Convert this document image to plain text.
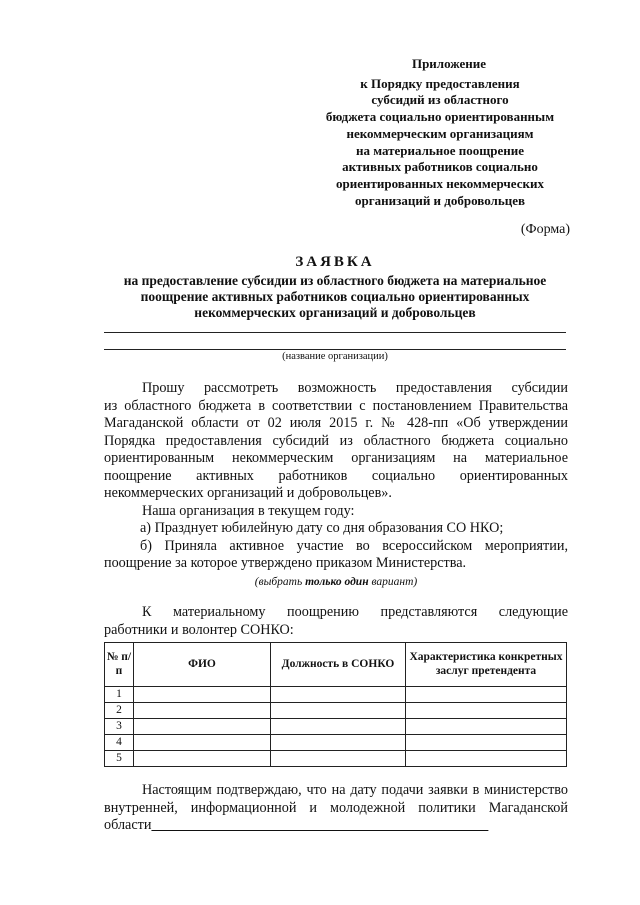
Приложение
к Порядку предоставления
субсидий из областного
бюджета социально ориентированным
некоммерческим организациям
на материальное поощрение
активных работников социально
ориентированных некоммерческих
организаций и добровольцев
(Форма)
ЗАЯВКА
на предоставление субсидии из областного бюджета на материальное
поощрение активных работников социально ориентированных
некоммерческих организаций и добровольцев
(название организации)
Прошу рассмотреть возможность предоставления субсидии
из областного бюджета в соответствии с постановлением Правительства
Магаданской области от 02 июля 2015 г. № 428-пп «Об утверждении
Порядка предоставления субсидий из областного бюджета социально
ориентированным некоммерческим организациям на материальное
поощрение активных работников социально ориентированных
некоммерческих организаций и добровольцев».
Наша организация в текущем году:
а) Празднует юбилейную дату со дня образования СО НКО;
б) Приняла активное участие во всероссийском мероприятии,
поощрение за которое утверждено приказом Министерства.
(выбрать только один вариант)
К материальному поощрению представляются следующие
работники и волонтер СОНКО:
№ п/п	ФИО	Должность в СОНКО	Характеристика конкретных заслуг претендента
1			
2			
3			
4			
5			
Настоящим подтверждаю, что на дату подачи заявки в министерство
внутренней, информационной и молодежной политики Магаданской
области
